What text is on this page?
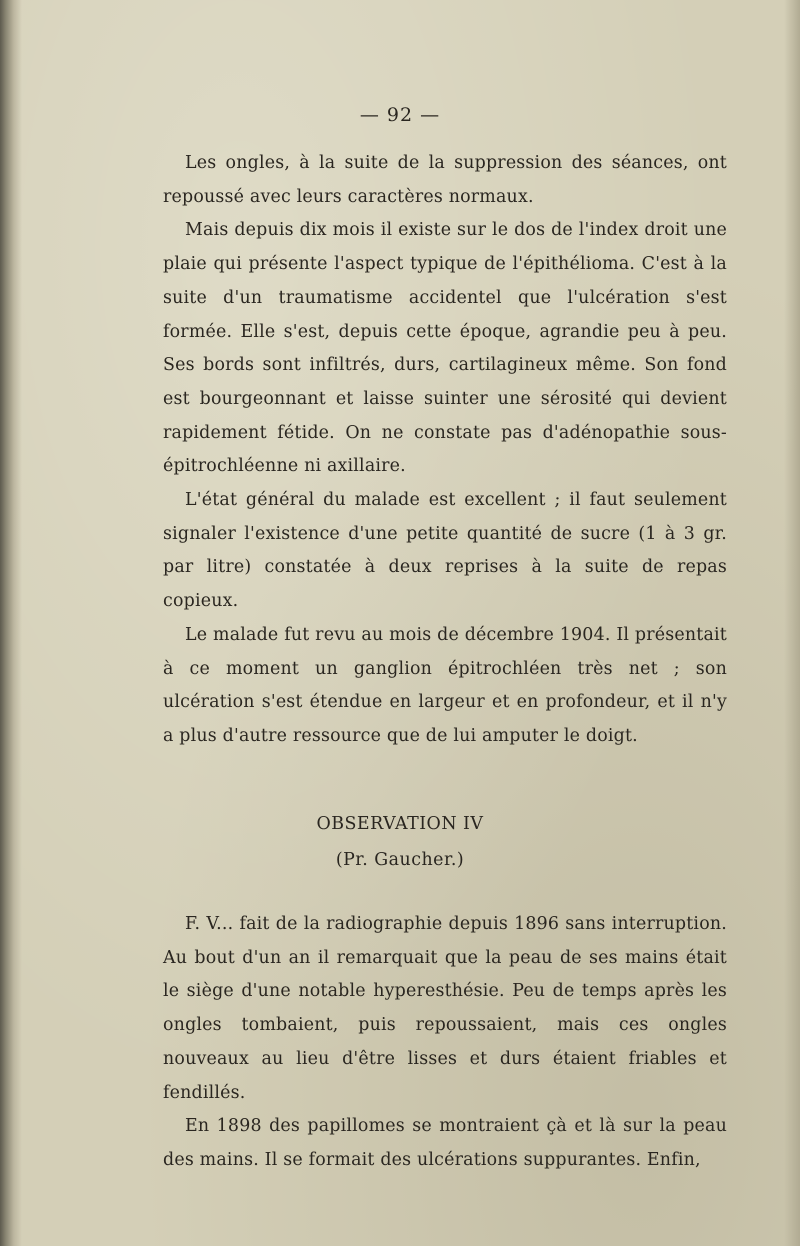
— 92 —

Les ongles, à la suite de la suppression des séances, ont repoussé avec leurs caractères normaux.

Mais depuis dix mois il existe sur le dos de l'index droit une plaie qui présente l'aspect typique de l'épithélioma. C'est à la suite d'un traumatisme accidentel que l'ulcération s'est formée. Elle s'est, depuis cette époque, agrandie peu à peu. Ses bords sont infiltrés, durs, cartilagineux même. Son fond est bourgeonnant et laisse suinter une sérosité qui devient rapidement fétide. On ne constate pas d'adénopathie sous-épitrochléenne ni axillaire.

L'état général du malade est excellent ; il faut seulement signaler l'existence d'une petite quantité de sucre (1 à 3 gr. par litre) constatée à deux reprises à la suite de repas copieux.

Le malade fut revu au mois de décembre 1904. Il présentait à ce moment un ganglion épitrochléen très net ; son ulcération s'est étendue en largeur et en profondeur, et il n'y a plus d'autre ressource que de lui amputer le doigt.

OBSERVATION IV
(Pr. Gaucher.)

F. V... fait de la radiographie depuis 1896 sans interruption. Au bout d'un an il remarquait que la peau de ses mains était le siège d'une notable hyperesthésie. Peu de temps après les ongles tombaient, puis repoussaient, mais ces ongles nouveaux au lieu d'être lisses et durs étaient friables et fendillés.

En 1898 des papillomes se montraient çà et là sur la peau des mains. Il se formait des ulcérations suppurantes. Enfin,
